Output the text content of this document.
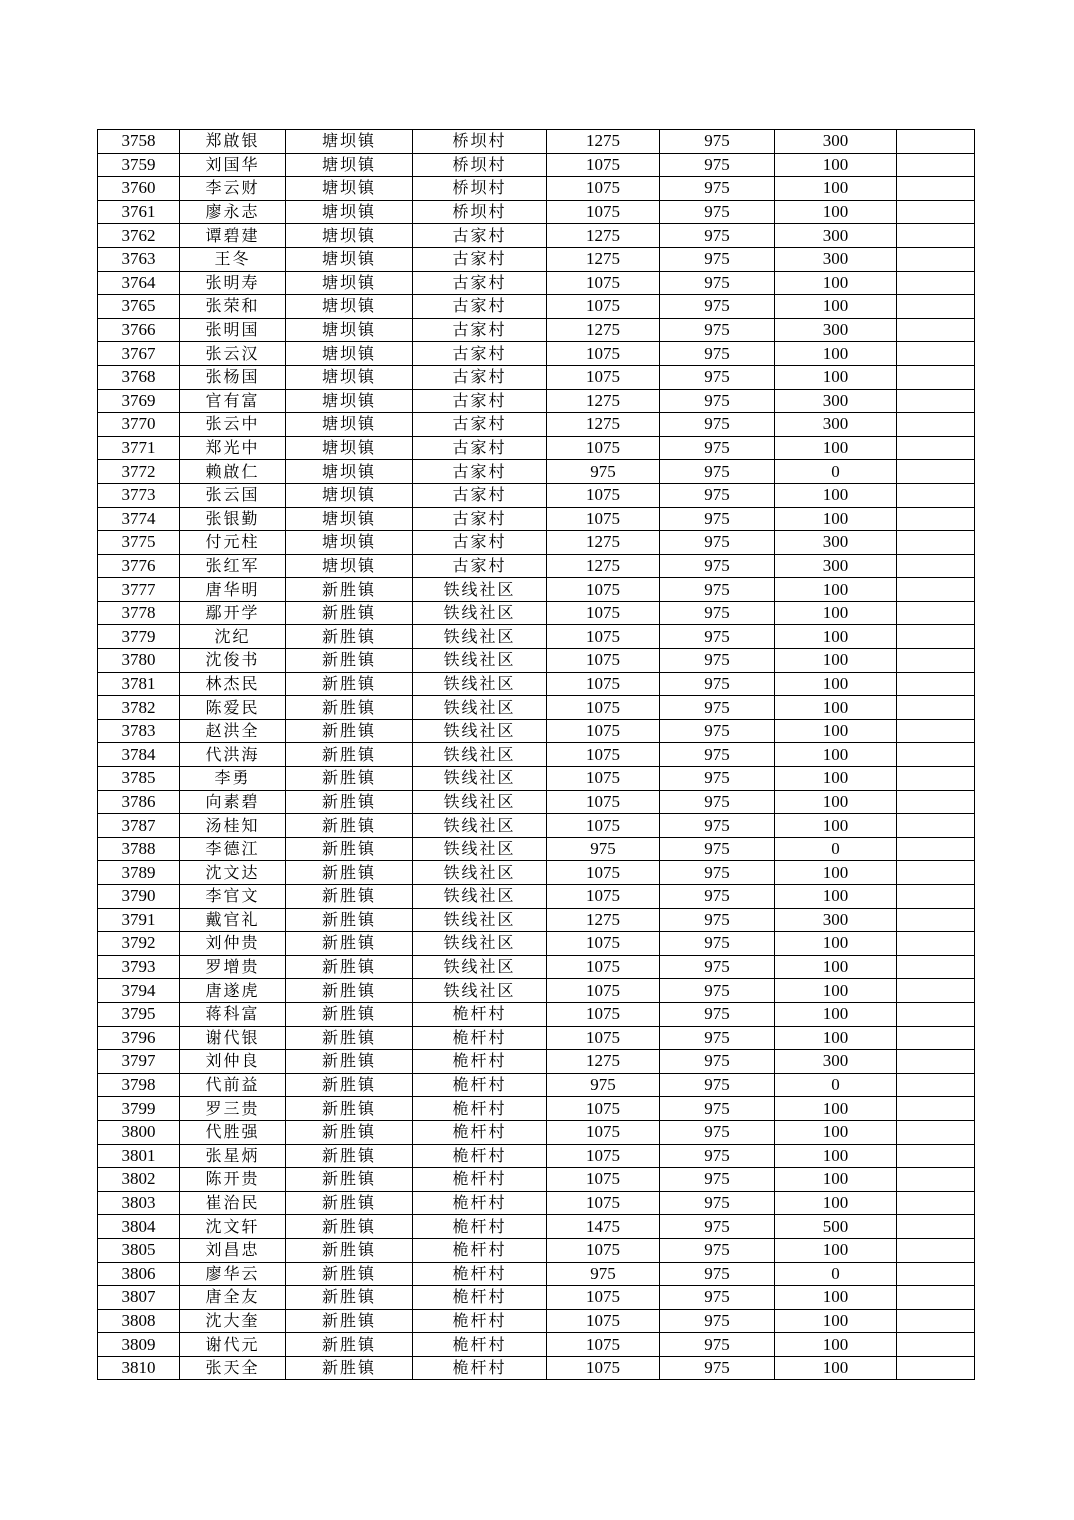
3758	郑啟银	塘坝镇	桥坝村	1275	975	300	
3759	刘国华	塘坝镇	桥坝村	1075	975	100	
3760	李云财	塘坝镇	桥坝村	1075	975	100	
3761	廖永志	塘坝镇	桥坝村	1075	975	100	
3762	谭碧建	塘坝镇	古家村	1275	975	300	
3763	王冬	塘坝镇	古家村	1275	975	300	
3764	张明寿	塘坝镇	古家村	1075	975	100	
3765	张荣和	塘坝镇	古家村	1075	975	100	
3766	张明国	塘坝镇	古家村	1275	975	300	
3767	张云汉	塘坝镇	古家村	1075	975	100	
3768	张杨国	塘坝镇	古家村	1075	975	100	
3769	官有富	塘坝镇	古家村	1275	975	300	
3770	张云中	塘坝镇	古家村	1275	975	300	
3771	郑光中	塘坝镇	古家村	1075	975	100	
3772	赖啟仁	塘坝镇	古家村	975	975	0	
3773	张云国	塘坝镇	古家村	1075	975	100	
3774	张银勤	塘坝镇	古家村	1075	975	100	
3775	付元柱	塘坝镇	古家村	1275	975	300	
3776	张红军	塘坝镇	古家村	1275	975	300	
3777	唐华明	新胜镇	铁线社区	1075	975	100	
3778	鄢开学	新胜镇	铁线社区	1075	975	100	
3779	沈纪	新胜镇	铁线社区	1075	975	100	
3780	沈俊书	新胜镇	铁线社区	1075	975	100	
3781	林杰民	新胜镇	铁线社区	1075	975	100	
3782	陈爱民	新胜镇	铁线社区	1075	975	100	
3783	赵洪全	新胜镇	铁线社区	1075	975	100	
3784	代洪海	新胜镇	铁线社区	1075	975	100	
3785	李勇	新胜镇	铁线社区	1075	975	100	
3786	向素碧	新胜镇	铁线社区	1075	975	100	
3787	汤桂知	新胜镇	铁线社区	1075	975	100	
3788	李德江	新胜镇	铁线社区	975	975	0	
3789	沈文达	新胜镇	铁线社区	1075	975	100	
3790	李官文	新胜镇	铁线社区	1075	975	100	
3791	戴官礼	新胜镇	铁线社区	1275	975	300	
3792	刘仲贵	新胜镇	铁线社区	1075	975	100	
3793	罗增贵	新胜镇	铁线社区	1075	975	100	
3794	唐遂虎	新胜镇	铁线社区	1075	975	100	
3795	蒋科富	新胜镇	桅杆村	1075	975	100	
3796	谢代银	新胜镇	桅杆村	1075	975	100	
3797	刘仲良	新胜镇	桅杆村	1275	975	300	
3798	代前益	新胜镇	桅杆村	975	975	0	
3799	罗三贵	新胜镇	桅杆村	1075	975	100	
3800	代胜强	新胜镇	桅杆村	1075	975	100	
3801	张星炳	新胜镇	桅杆村	1075	975	100	
3802	陈开贵	新胜镇	桅杆村	1075	975	100	
3803	崔治民	新胜镇	桅杆村	1075	975	100	
3804	沈文轩	新胜镇	桅杆村	1475	975	500	
3805	刘昌忠	新胜镇	桅杆村	1075	975	100	
3806	廖华云	新胜镇	桅杆村	975	975	0	
3807	唐全友	新胜镇	桅杆村	1075	975	100	
3808	沈大奎	新胜镇	桅杆村	1075	975	100	
3809	谢代元	新胜镇	桅杆村	1075	975	100	
3810	张天全	新胜镇	桅杆村	1075	975	100	
